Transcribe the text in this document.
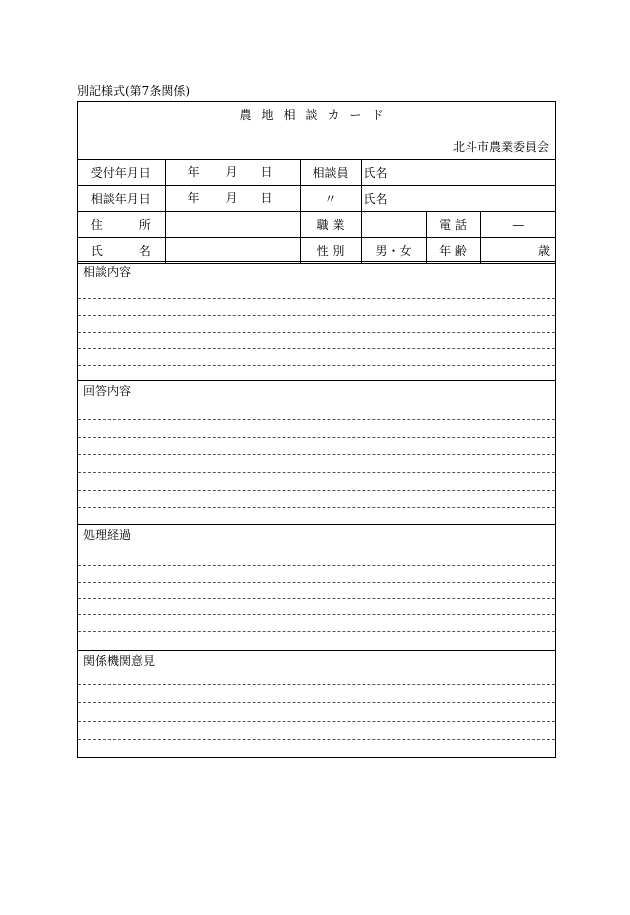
別記様式(第7条関係)
農地相談カード
北斗市農業委員会
受付年月日	年 月 日	相談員	氏名		
相談年月日	年 月 日	〃	氏名		
住　　　所		職 業		電 話	—
氏　　　名		性 別	男・女	年 齢	歳
相談内容
回答内容
処理経過
関係機関意見
